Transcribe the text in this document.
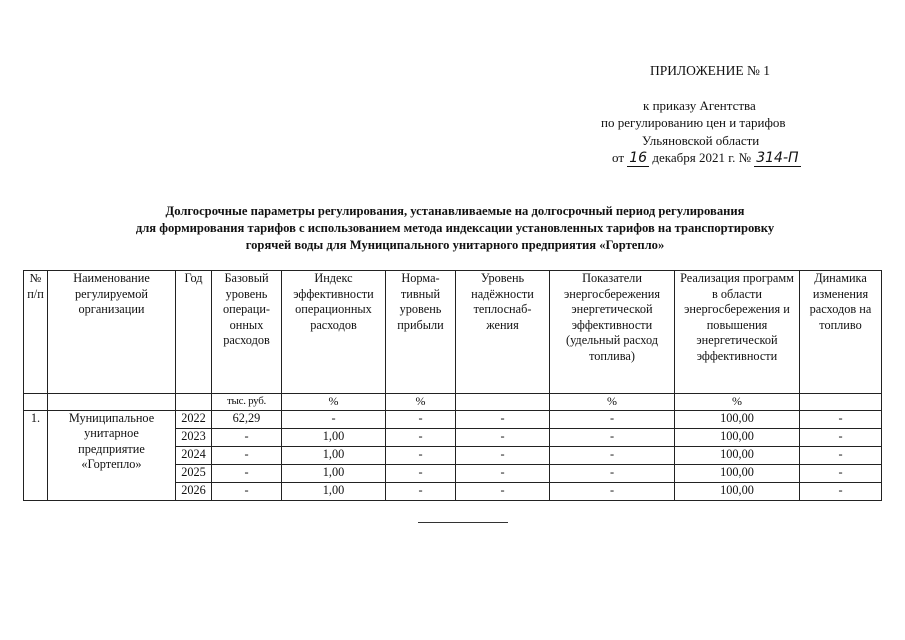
ПРИЛОЖЕНИЕ № 1
к приказу Агентства
по регулированию цен и тарифов
Ульяновской области
от 16 декабря 2021 г. № 314-П
Долгосрочные параметры регулирования, устанавливаемые на долгосрочный период регулирования
для формирования тарифов с использованием метода индексации установленных тарифов на транспортировку
горячей воды для Муниципального унитарного предприятия «Гортепло»
№ п/п	Наименование регулируемой организации	Год	Базовый уровень операци-онных расходов	Индекс эффективности операционных расходов	Норма-тивный уровень прибыли	Уровень надёжности теплоснаб-жения	Показатели энергосбережения энергетической эффективности (удельный расход топлива)	Реализация программ в области энергосбережения и повышения энергетической эффективности	Динамика изменения расходов на топливо
			тыс. руб.	%	%		%	%	
1.	Муниципальное унитарное предприятие «Гортепло»	2022	62,29	-	-	-	-	100,00	-
		2023	-	1,00	-	-	-	100,00	-
		2024	-	1,00	-	-	-	100,00	-
		2025	-	1,00	-	-	-	100,00	-
		2026	-	1,00	-	-	-	100,00	-
